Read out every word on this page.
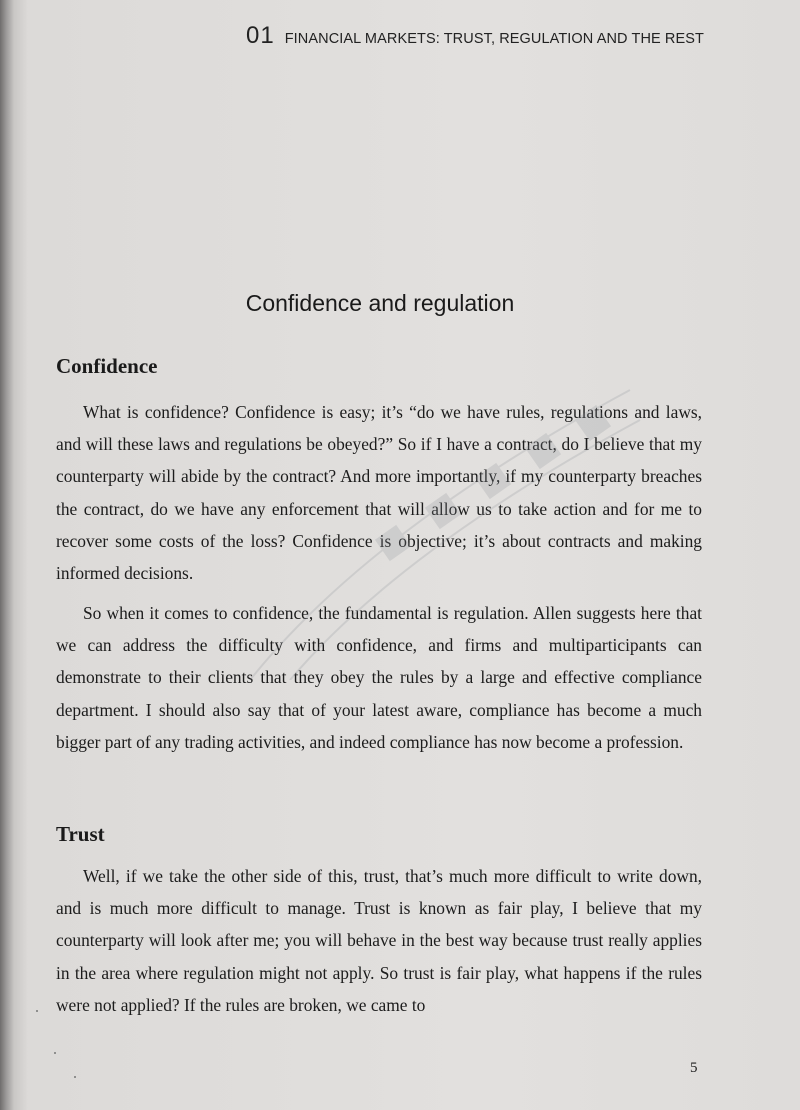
01 FINANCIAL MARKETS: TRUST, REGULATION AND THE REST
Confidence and regulation
Confidence

What is confidence? Confidence is easy; it’s “do we have rules, regulations and laws, and will these laws and regulations be obeyed?” So if I have a contract, do I believe that my counterparty will abide by the contract? And more importantly, if my counterparty breaches the contract, do we have any enforcement that will allow us to take action and for me to recover some costs of the loss? Confidence is objective; it’s about contracts and making informed decisions.

So when it comes to confidence, the fundamental is regulation. Allen suggests here that we can address the difficulty with confidence, and firms and multiparticipants can demonstrate to their clients that they obey the rules by a large and effective compliance department. I should also say that of your latest aware, compliance has become a much bigger part of any trading activities, and indeed compliance has now become a profession.

Trust

Well, if we take the other side of this, trust, that’s much more difficult to write down, and is much more difficult to manage. Trust is known as fair play, I believe that my counterparty will look after me; you will behave in the best way because trust really applies in the area where regulation might not apply. So trust is fair play, what happens if the rules were not applied? If the rules are broken, we came to

5
